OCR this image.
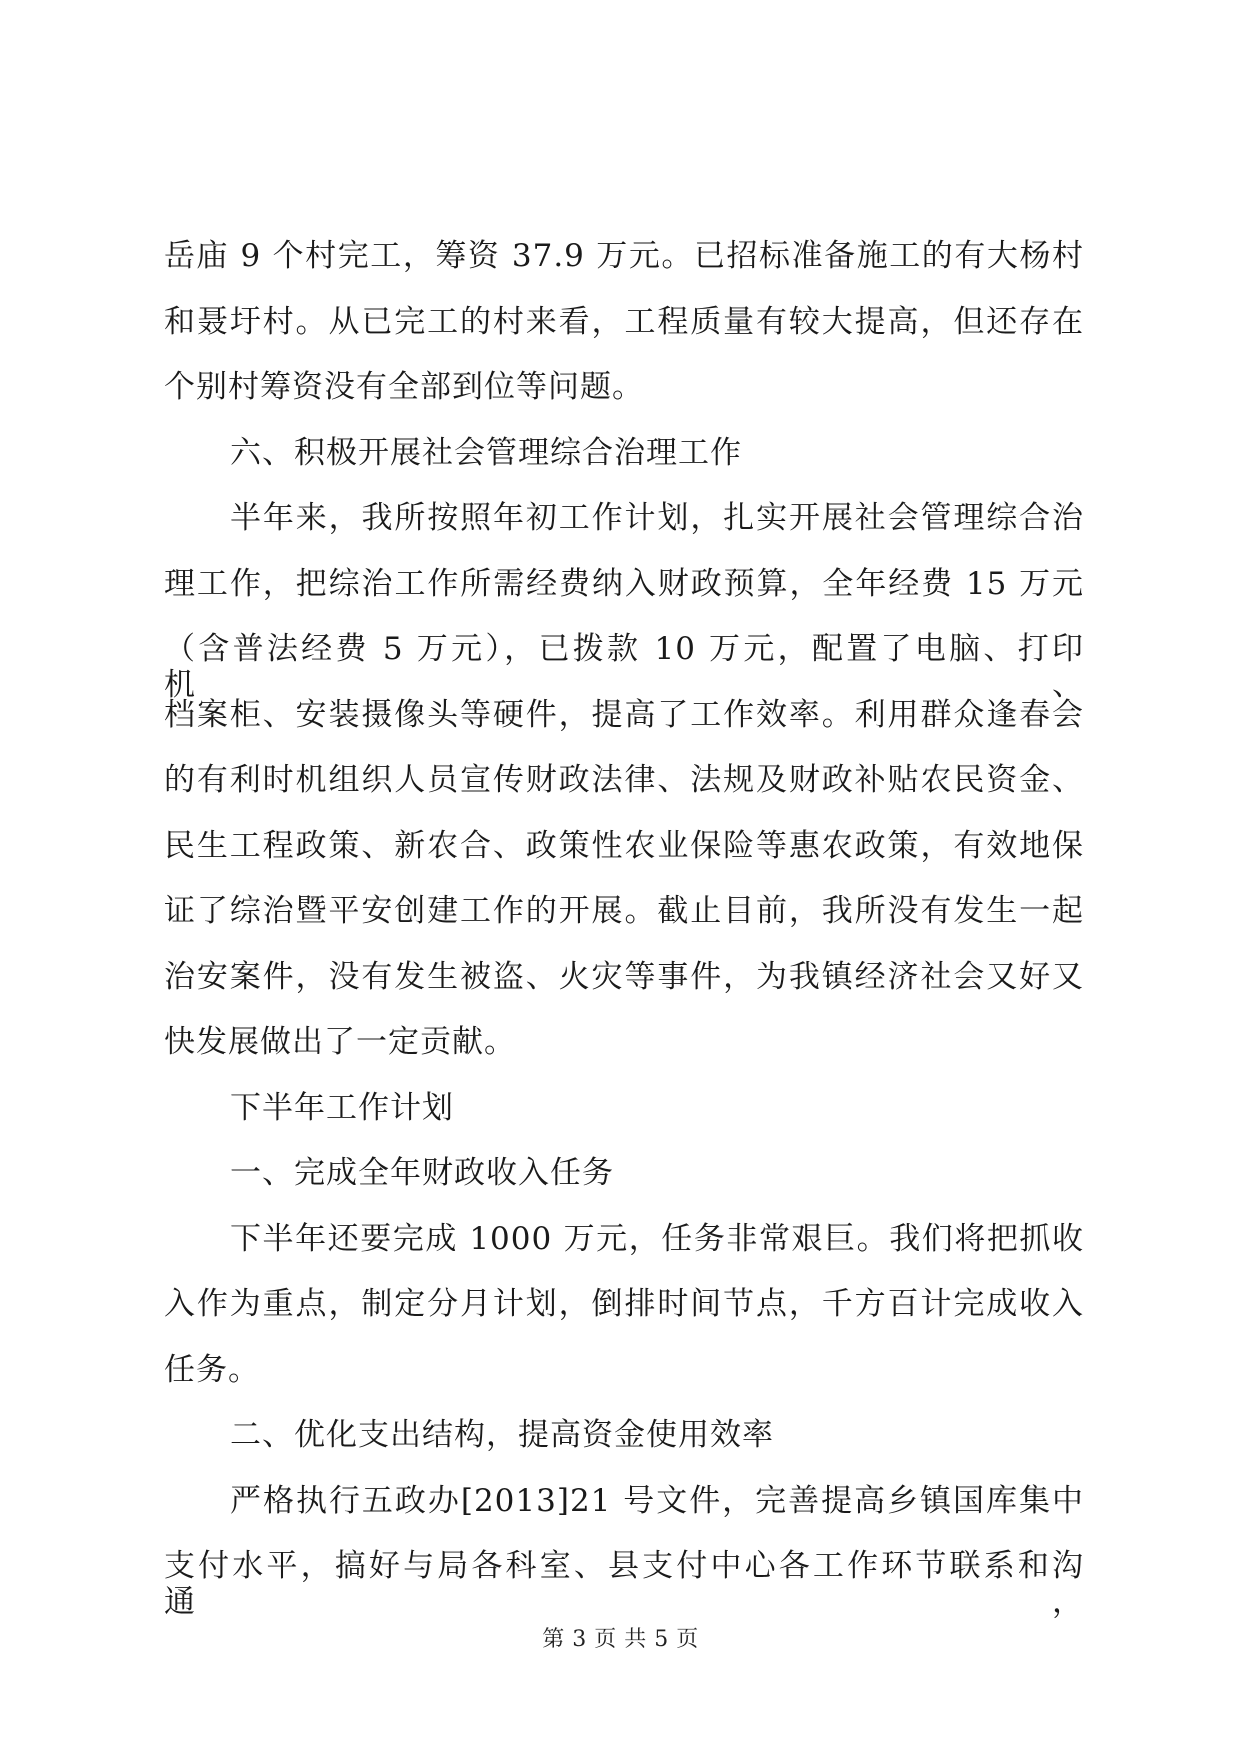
岳庙 9 个村完工，筹资 37.9 万元。已招标准备施工的有大杨村
和聂圩村。从已完工的村来看，工程质量有较大提高，但还存在
个别村筹资没有全部到位等问题。
六、积极开展社会管理综合治理工作
半年来，我所按照年初工作计划，扎实开展社会管理综合治
理工作，把综治工作所需经费纳入财政预算，全年经费 15 万元
（含普法经费 5 万元），已拨款 10 万元，配置了电脑、打印机、
档案柜、安装摄像头等硬件，提高了工作效率。利用群众逢春会
的有利时机组织人员宣传财政法律、法规及财政补贴农民资金、
民生工程政策、新农合、政策性农业保险等惠农政策，有效地保
证了综治暨平安创建工作的开展。截止目前，我所没有发生一起
治安案件，没有发生被盗、火灾等事件，为我镇经济社会又好又
快发展做出了一定贡献。
下半年工作计划
一、完成全年财政收入任务
下半年还要完成 1000 万元，任务非常艰巨。我们将把抓收
入作为重点，制定分月计划，倒排时间节点，千方百计完成收入
任务。
二、优化支出结构，提高资金使用效率
严格执行五政办[2013]21 号文件，完善提高乡镇国库集中
支付水平，搞好与局各科室、县支付中心各工作环节联系和沟通，
第 3 页 共 5 页
